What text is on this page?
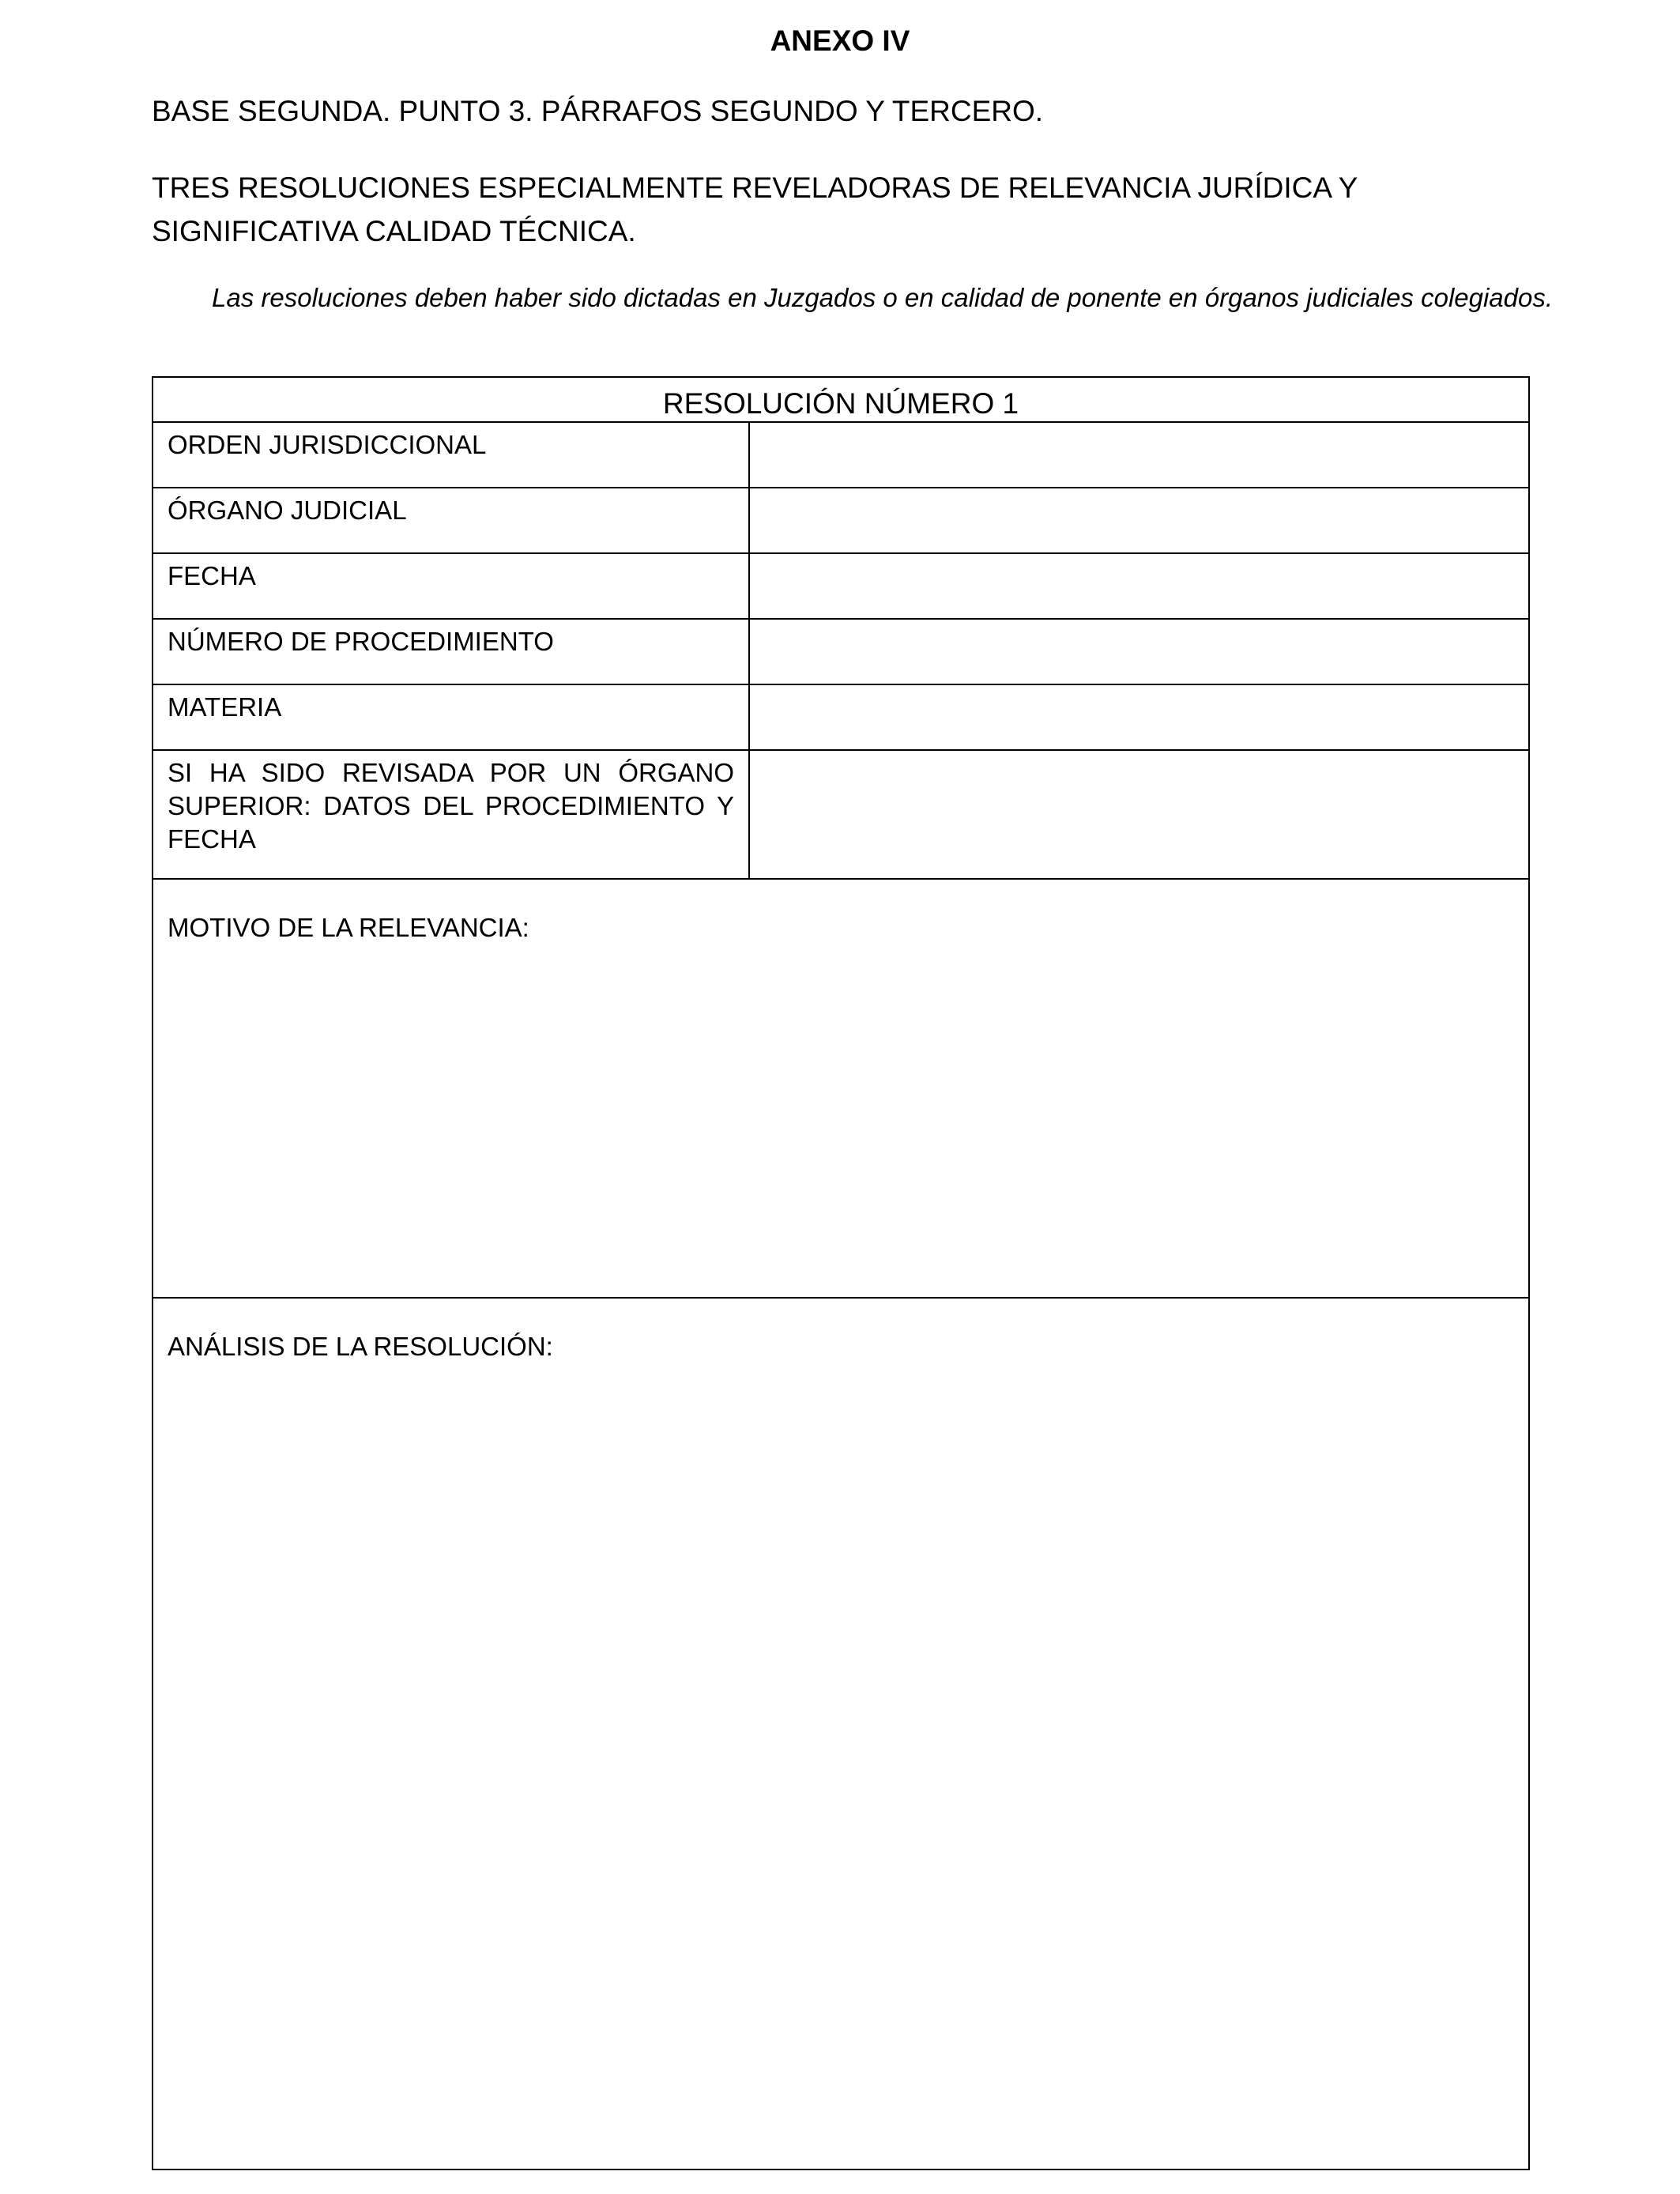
ANEXO IV
BASE SEGUNDA. PUNTO 3. PÁRRAFOS SEGUNDO Y TERCERO.
TRES RESOLUCIONES ESPECIALMENTE REVELADORAS DE RELEVANCIA JURÍDICA Y SIGNIFICATIVA CALIDAD TÉCNICA.
Las resoluciones deben haber sido dictadas en Juzgados o en calidad de ponente en órganos judiciales colegiados.
RESOLUCIÓN NÚMERO 1
ORDEN JURISDICCIONAL
ÓRGANO JUDICIAL
FECHA
NÚMERO DE PROCEDIMIENTO
MATERIA
SI HA SIDO REVISADA POR UN ÓRGANO SUPERIOR: DATOS DEL PROCEDIMIENTO Y FECHA
MOTIVO DE LA RELEVANCIA:
ANÁLISIS DE LA RESOLUCIÓN:
